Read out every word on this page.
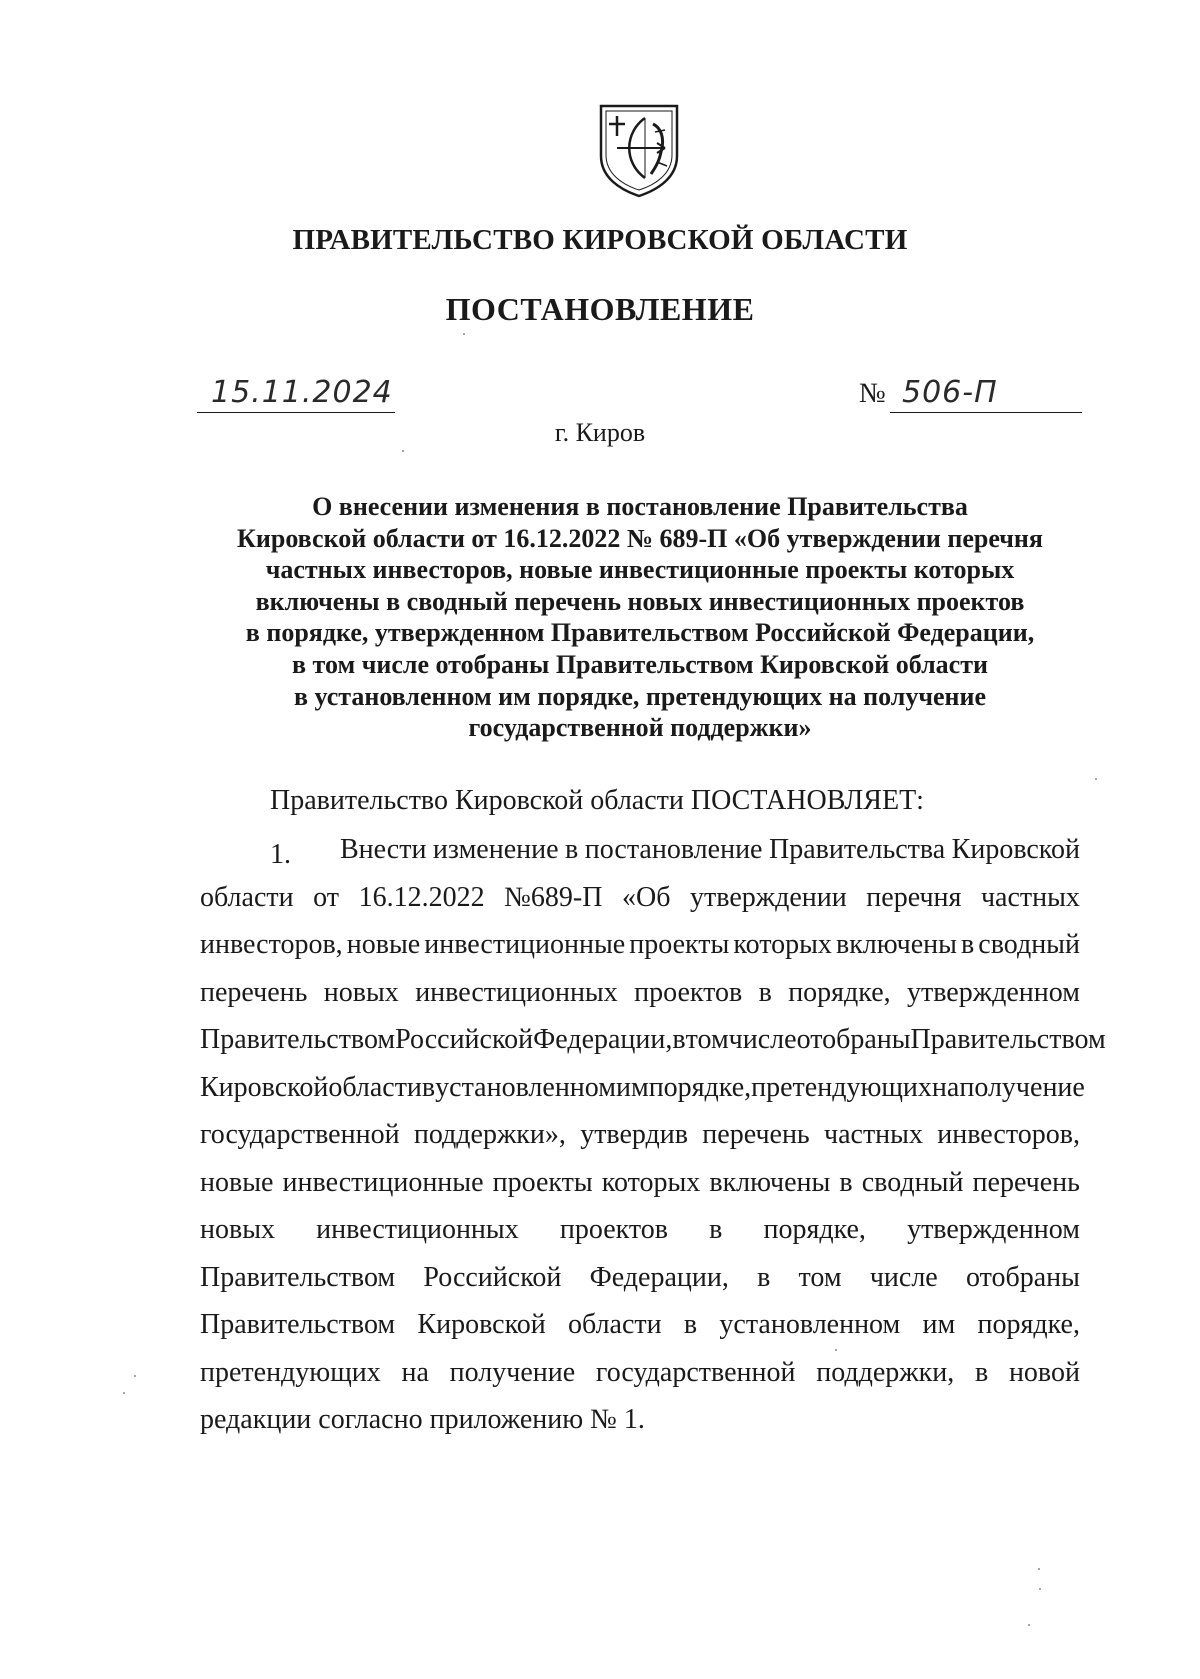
ПРАВИТЕЛЬСТВО КИРОВСКОЙ ОБЛАСТИ
ПОСТАНОВЛЕНИЕ
15.11.2024	№ 506-П
г. Киров
О внесении изменения в постановление Правительства
Кировской области от 16.12.2022 № 689-П «Об утверждении перечня
частных инвесторов, новые инвестиционные проекты которых
включены в сводный перечень новых инвестиционных проектов
в порядке, утвержденном Правительством Российской Федерации,
в том числе отобраны Правительством Кировской области
в установленном им порядке, претендующих на получение
государственной поддержки»
Правительство Кировской области ПОСТАНОВЛЯЕТ:
1. Внести изменение в постановление Правительства Кировской
области от 16.12.2022 №689-П «Об утверждении перечня частных
инвесторов, новые инвестиционные проекты которых включены в сводный
перечень новых инвестиционных проектов в порядке, утвержденном
Правительством Российской Федерации, в том числе отобраны Правительством
Кировской области в установленном им порядке, претендующих на получение
государственной поддержки», утвердив перечень частных инвесторов,
новые инвестиционные проекты которых включены в сводный перечень
новых инвестиционных проектов в порядке, утвержденном
Правительством Российской Федерации, в том числе отобраны
Правительством Кировской области в установленном им порядке,
претендующих на получение государственной поддержки, в новой
редакции согласно приложению № 1.
